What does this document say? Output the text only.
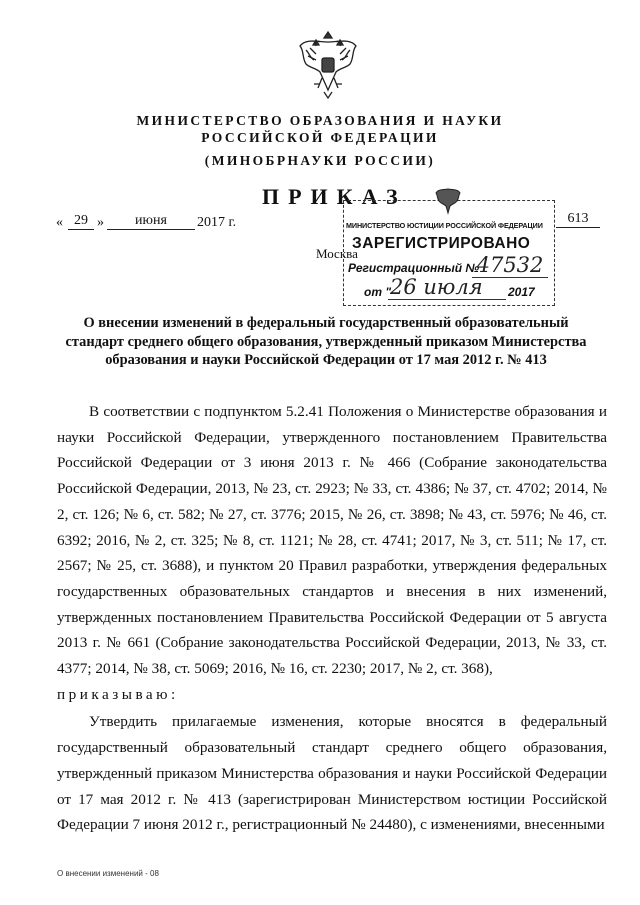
МИНИСТЕРСТВО ОБРАЗОВАНИЯ И НАУКИ
РОССИЙСКОЙ ФЕДЕРАЦИИ
(МИНОБРНАУКИ РОССИИ)
ПРИКАЗ
« 29 »	июня	2017 г.	613
Москва
МИНИСТЕРСТВО ЮСТИЦИИ РОССИЙСКОЙ ФЕДЕРАЦИИ
ЗАРЕГИСТРИРОВАНО
Регистрационный №
47532
от "
26 июля 2017
О внесении изменений в федеральный государственный образовательный стандарт среднего общего образования, утвержденный приказом Министерства образования и науки Российской Федерации от 17 мая 2012 г. № 413

В соответствии с подпунктом 5.2.41 Положения о Министерстве образования и науки Российской Федерации, утвержденного постановлением Правительства Российской Федерации от 3 июня 2013 г. № 466 (Собрание законодательства Российской Федерации, 2013, № 23, ст. 2923; № 33, ст. 4386; № 37, ст. 4702; 2014, № 2, ст. 126; № 6, ст. 582; № 27, ст. 3776; 2015, № 26, ст. 3898; № 43, ст. 5976; № 46, ст. 6392; 2016, № 2, ст. 325; № 8, ст. 1121; № 28, ст. 4741; 2017, № 3, ст. 511; № 17, ст. 2567; № 25, ст. 3688), и пунктом 20 Правил разработки, утверждения федеральных государственных образовательных стандартов и внесения в них изменений, утвержденных постановлением Правительства Российской Федерации от 5 августа 2013 г. № 661 (Собрание законодательства Российской Федерации, 2013, № 33, ст. 4377; 2014, № 38, ст. 5069; 2016, № 16, ст. 2230; 2017, № 2, ст. 368),

приказываю:

Утвердить прилагаемые изменения, которые вносятся в федеральный государственный образовательный стандарт среднего общего образования, утвержденный приказом Министерства образования и науки Российской Федерации от 17 мая 2012 г. № 413 (зарегистрирован Министерством юстиции Российской Федерации 7 июня 2012 г., регистрационный № 24480), с изменениями, внесенными

О внесении изменений - 08
